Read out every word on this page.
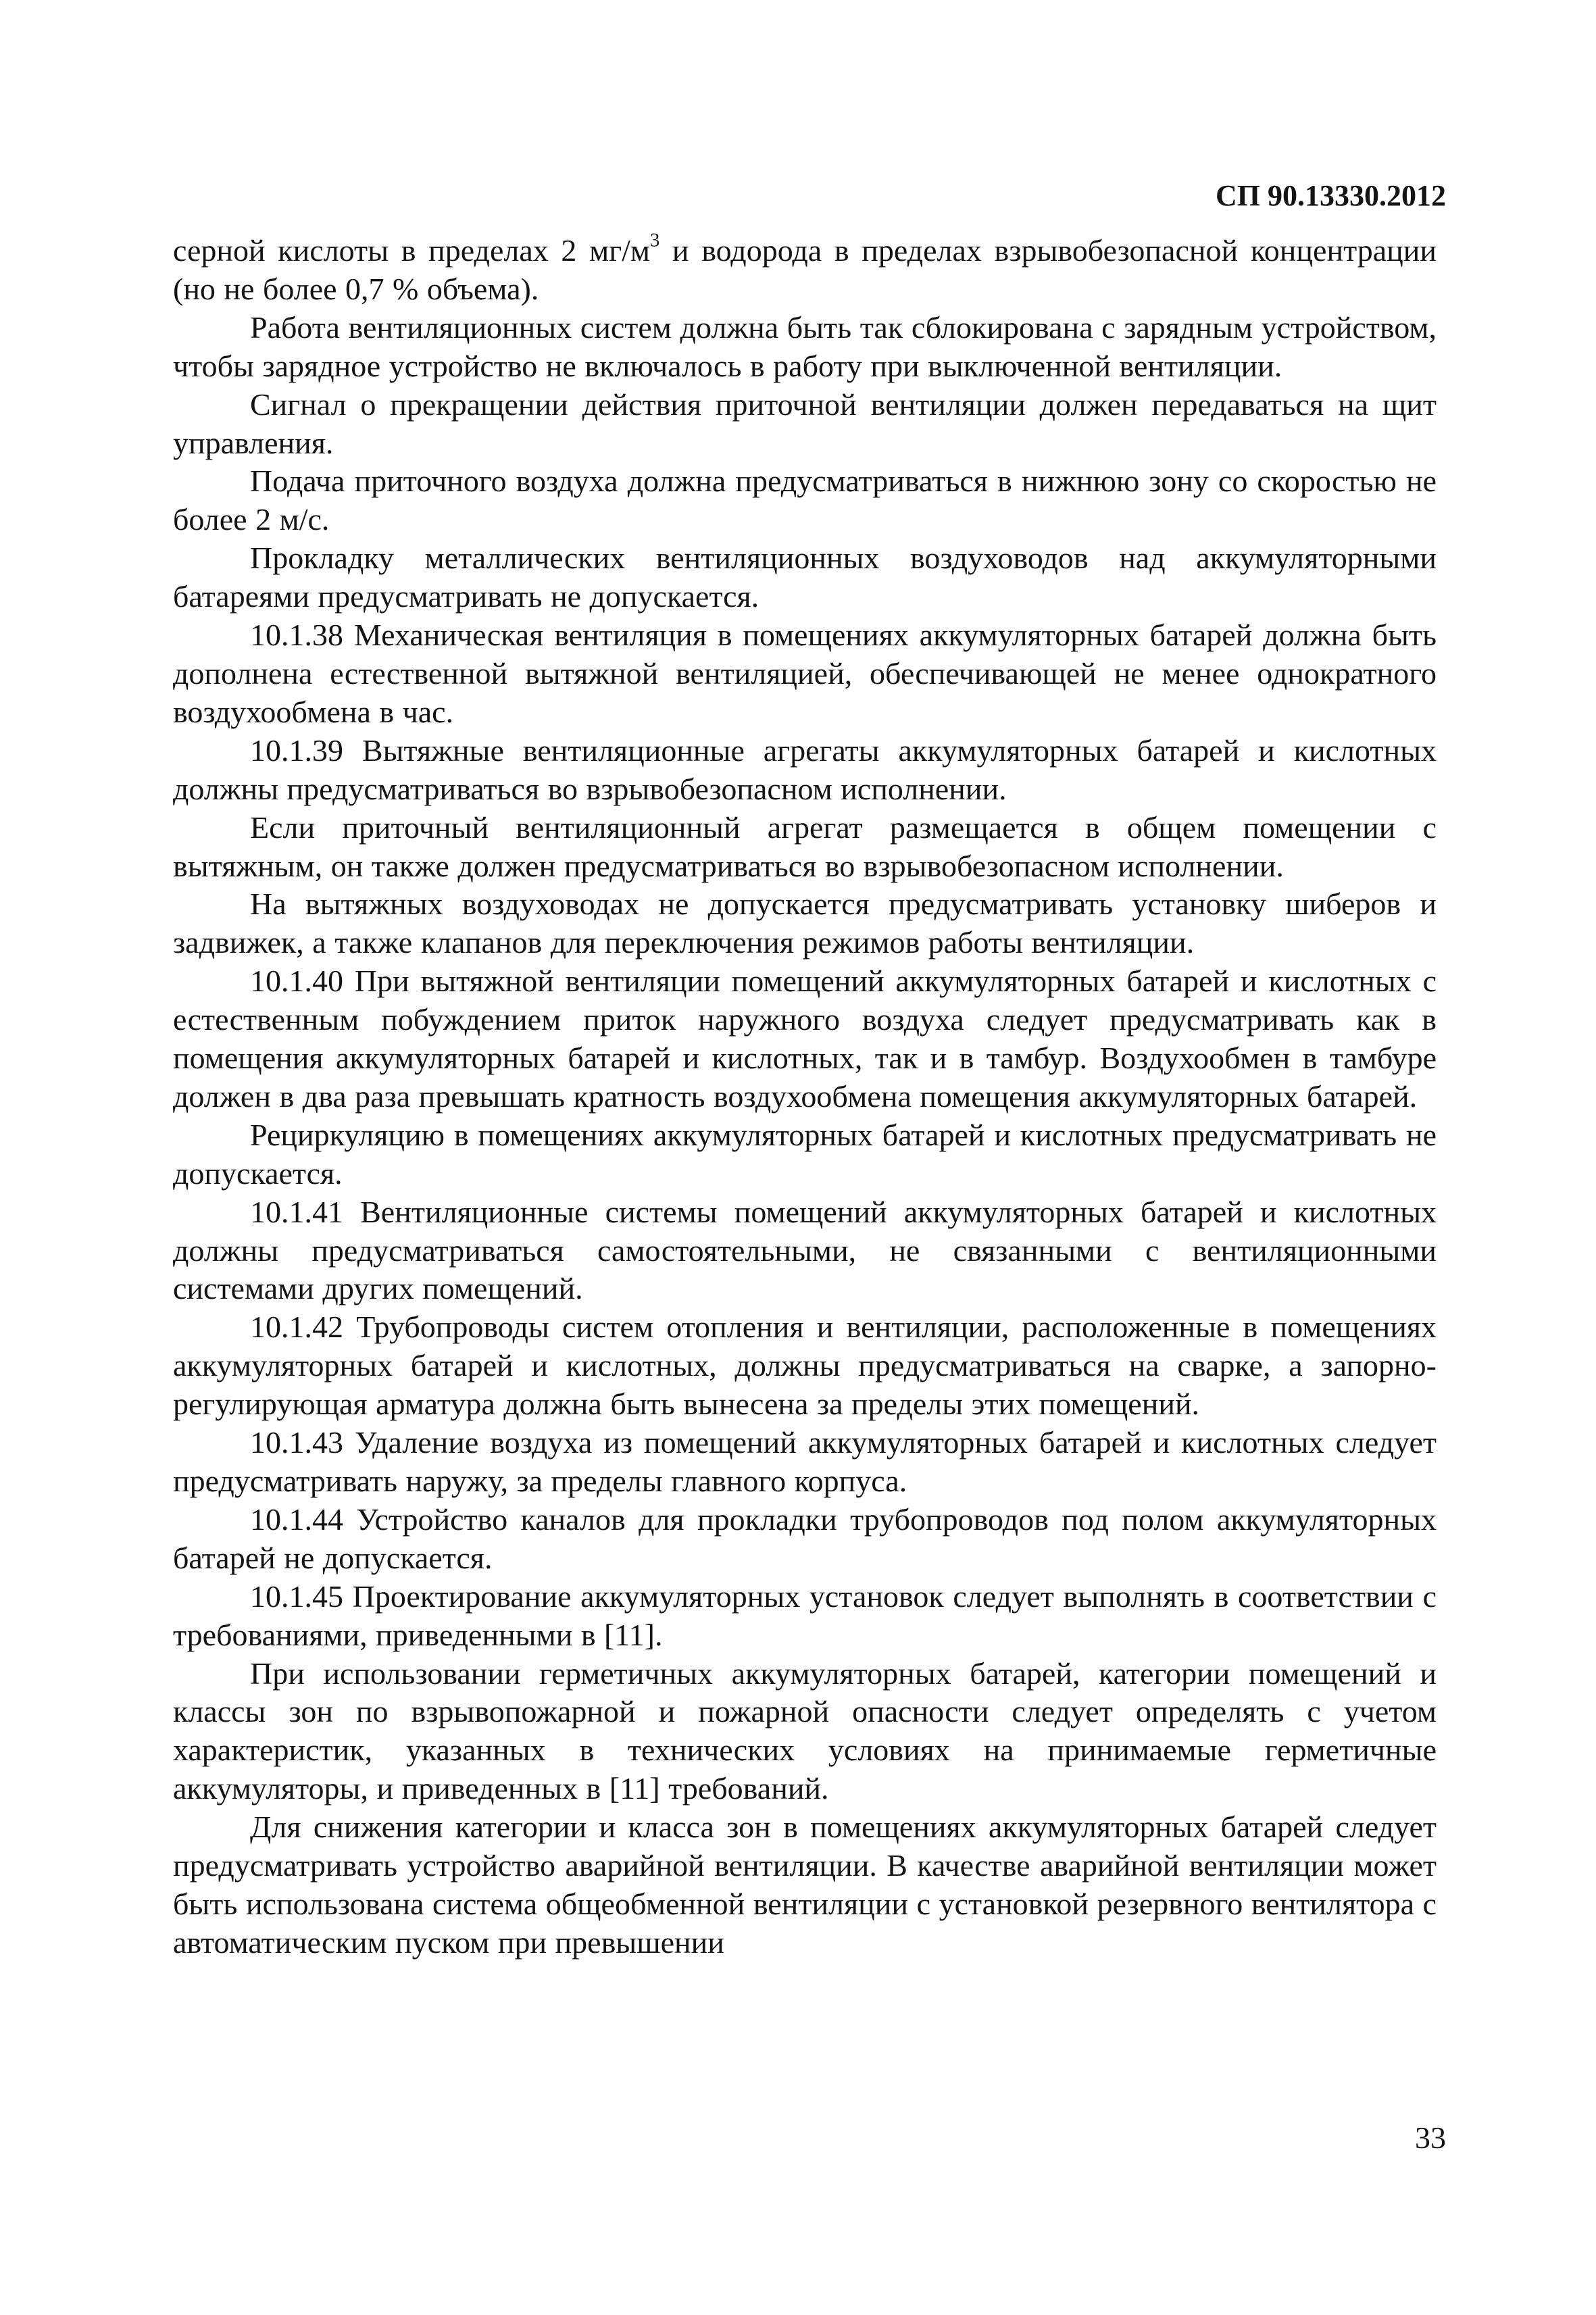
СП 90.13330.2012

серной кислоты в пределах 2 $мг/м^3$ и водорода в пределах взрывобезопасной концентрации (но не более 0,7 % объема).

Работа вентиляционных систем должна быть так сблокирована с зарядным устройством, чтобы зарядное устройство не включалось в работу при выключенной вентиляции.

Сигнал о прекращении действия приточной вентиляции должен передаваться на щит управления.

Подача приточного воздуха должна предусматриваться в нижнюю зону со скоростью не более 2 м/с.

Прокладку металлических вентиляционных воздуховодов над аккумуляторными батареями предусматривать не допускается.

10.1.38 Механическая вентиляция в помещениях аккумуляторных батарей должна быть дополнена естественной вытяжной вентиляцией, обеспечивающей не менее однократного воздухообмена в час.

10.1.39 Вытяжные вентиляционные агрегаты аккумуляторных батарей и кислотных должны предусматриваться во взрывобезопасном исполнении.

Если приточный вентиляционный агрегат размещается в общем помещении с вытяжным, он также должен предусматриваться во взрывобезопасном исполнении.

На вытяжных воздуховодах не допускается предусматривать установку шиберов и задвижек, а также клапанов для переключения режимов работы вентиляции.

10.1.40 При вытяжной вентиляции помещений аккумуляторных батарей и кислотных с естественным побуждением приток наружного воздуха следует предусматривать как в помещения аккумуляторных батарей и кислотных, так и в тамбур. Воздухообмен в тамбуре должен в два раза превышать кратность воздухообмена помещения аккумуляторных батарей.

Рециркуляцию в помещениях аккумуляторных батарей и кислотных предусматривать не допускается.

10.1.41 Вентиляционные системы помещений аккумуляторных батарей и кислотных должны предусматриваться самостоятельными, не связанными с вентиляционными системами других помещений.

10.1.42 Трубопроводы систем отопления и вентиляции, расположенные в помещениях аккумуляторных батарей и кислотных, должны предусматриваться на сварке, а запорно-регулирующая арматура должна быть вынесена за пределы этих помещений.

10.1.43 Удаление воздуха из помещений аккумуляторных батарей и кислотных следует предусматривать наружу, за пределы главного корпуса.

10.1.44 Устройство каналов для прокладки трубопроводов под полом аккумуляторных батарей не допускается.

10.1.45 Проектирование аккумуляторных установок следует выполнять в соответствии с требованиями, приведенными в [11].

При использовании герметичных аккумуляторных батарей, категории помещений и классы зон по взрывопожарной и пожарной опасности следует определять с учетом характеристик, указанных в технических условиях на принимаемые герметичные аккумуляторы, и приведенных в [11] требований.

Для снижения категории и класса зон в помещениях аккумуляторных батарей следует предусматривать устройство аварийной вентиляции. В качестве аварийной вентиляции может быть использована система общеобменной вентиляции с установкой резервного вентилятора с автоматическим пуском при превышении

33
